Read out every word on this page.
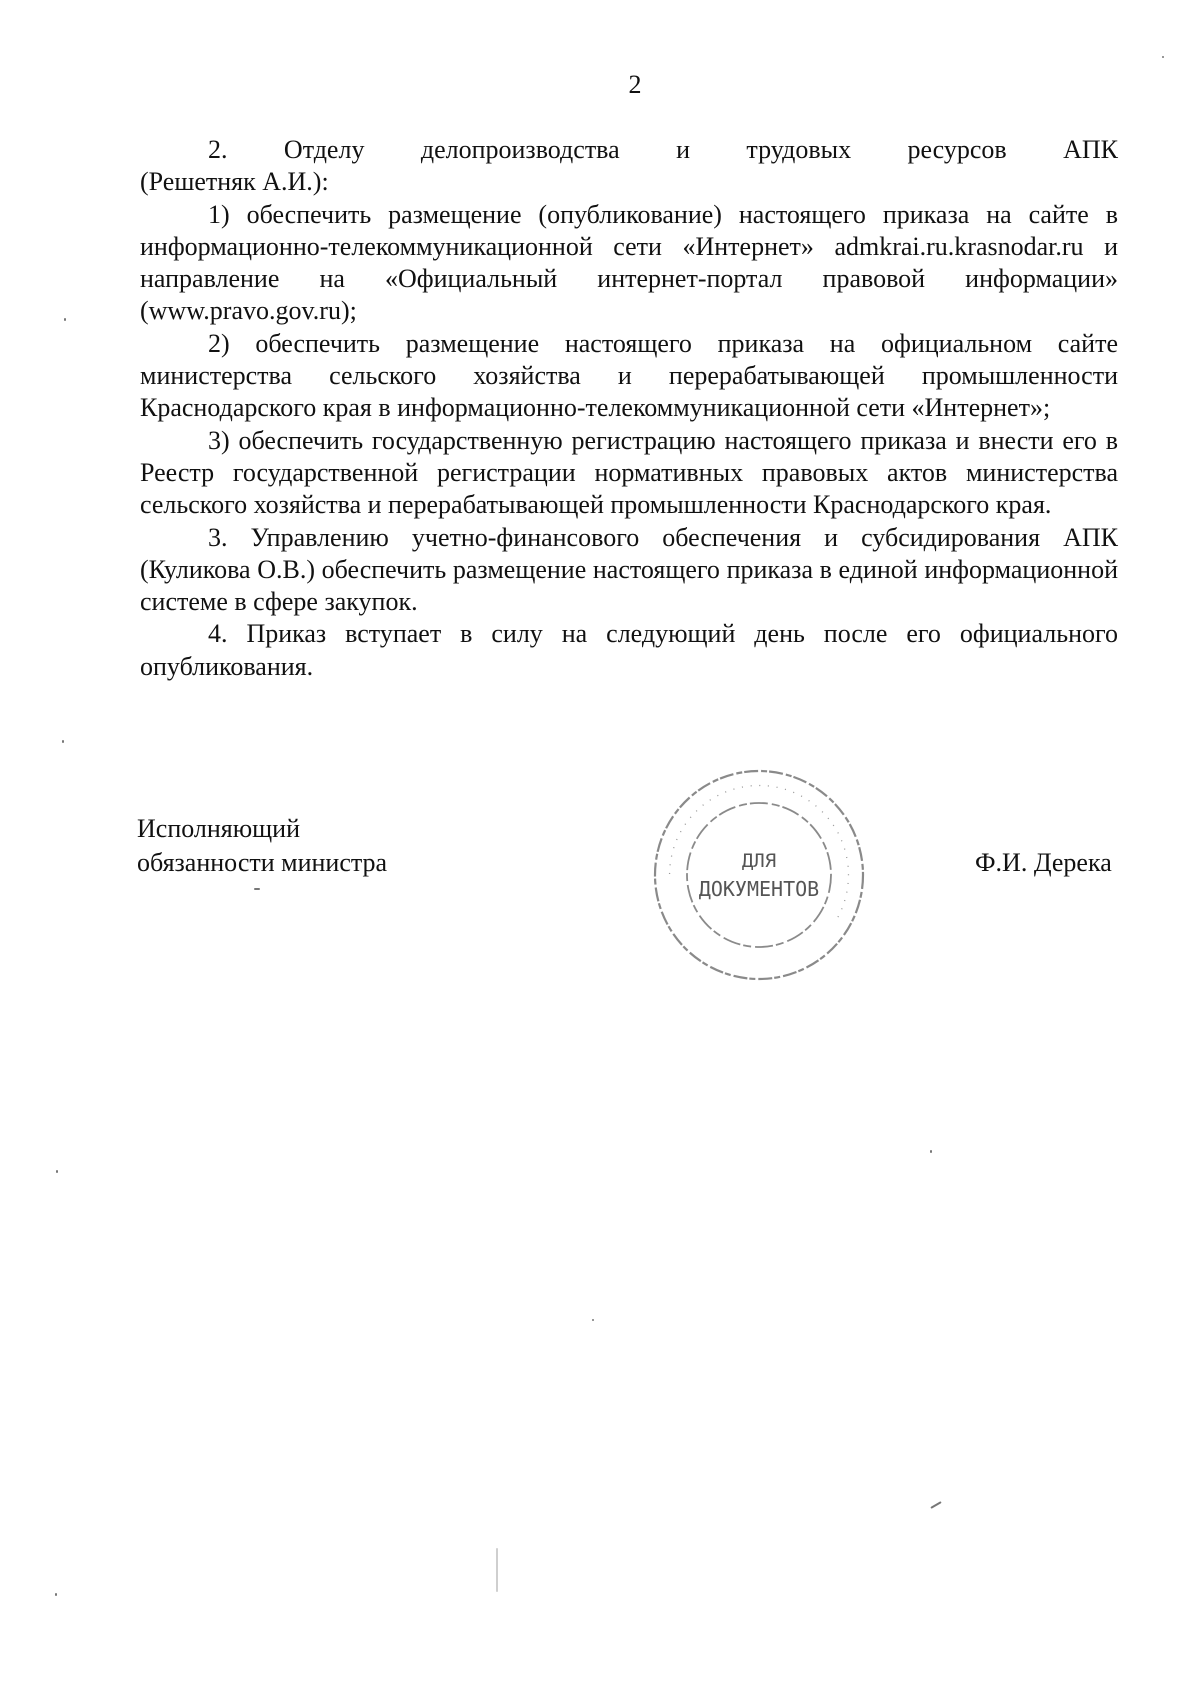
2

2. Отделу делопроизводства и трудовых ресурсов АПК

(Решетняк А.И.):

1) обеспечить размещение (опубликование) настоящего приказа на сайте в информационно-телекоммуникационной сети «Интернет» admkrai.ru.krasnodar.ru и направление на «Официальный интернет-портал правовой информации» (www.pravo.gov.ru);

2) обеспечить размещение настоящего приказа на официальном сайте министерства сельского хозяйства и перерабатывающей промышленности Краснодарского края в информационно-телекоммуникационной сети «Интернет»;

3) обеспечить государственную регистрацию настоящего приказа и внести его в Реестр государственной регистрации нормативных правовых актов министерства сельского хозяйства и перерабатывающей промышленности Краснодарского края.

3. Управлению учетно-финансового обеспечения и субсидирования АПК (Куликова О.В.) обеспечить размещение настоящего приказа в единой информационной системе в сфере закупок.

4. Приказ вступает в силу на следующий день после его официального опубликования.

Исполняющий
обязанности министра	Ф.И. Дерека
· · · · · · · · · · · · · · · · · · · · · · · · · · · · · · · · · · · · · ·
ДЛЯ
ДОКУМЕНТОВ
